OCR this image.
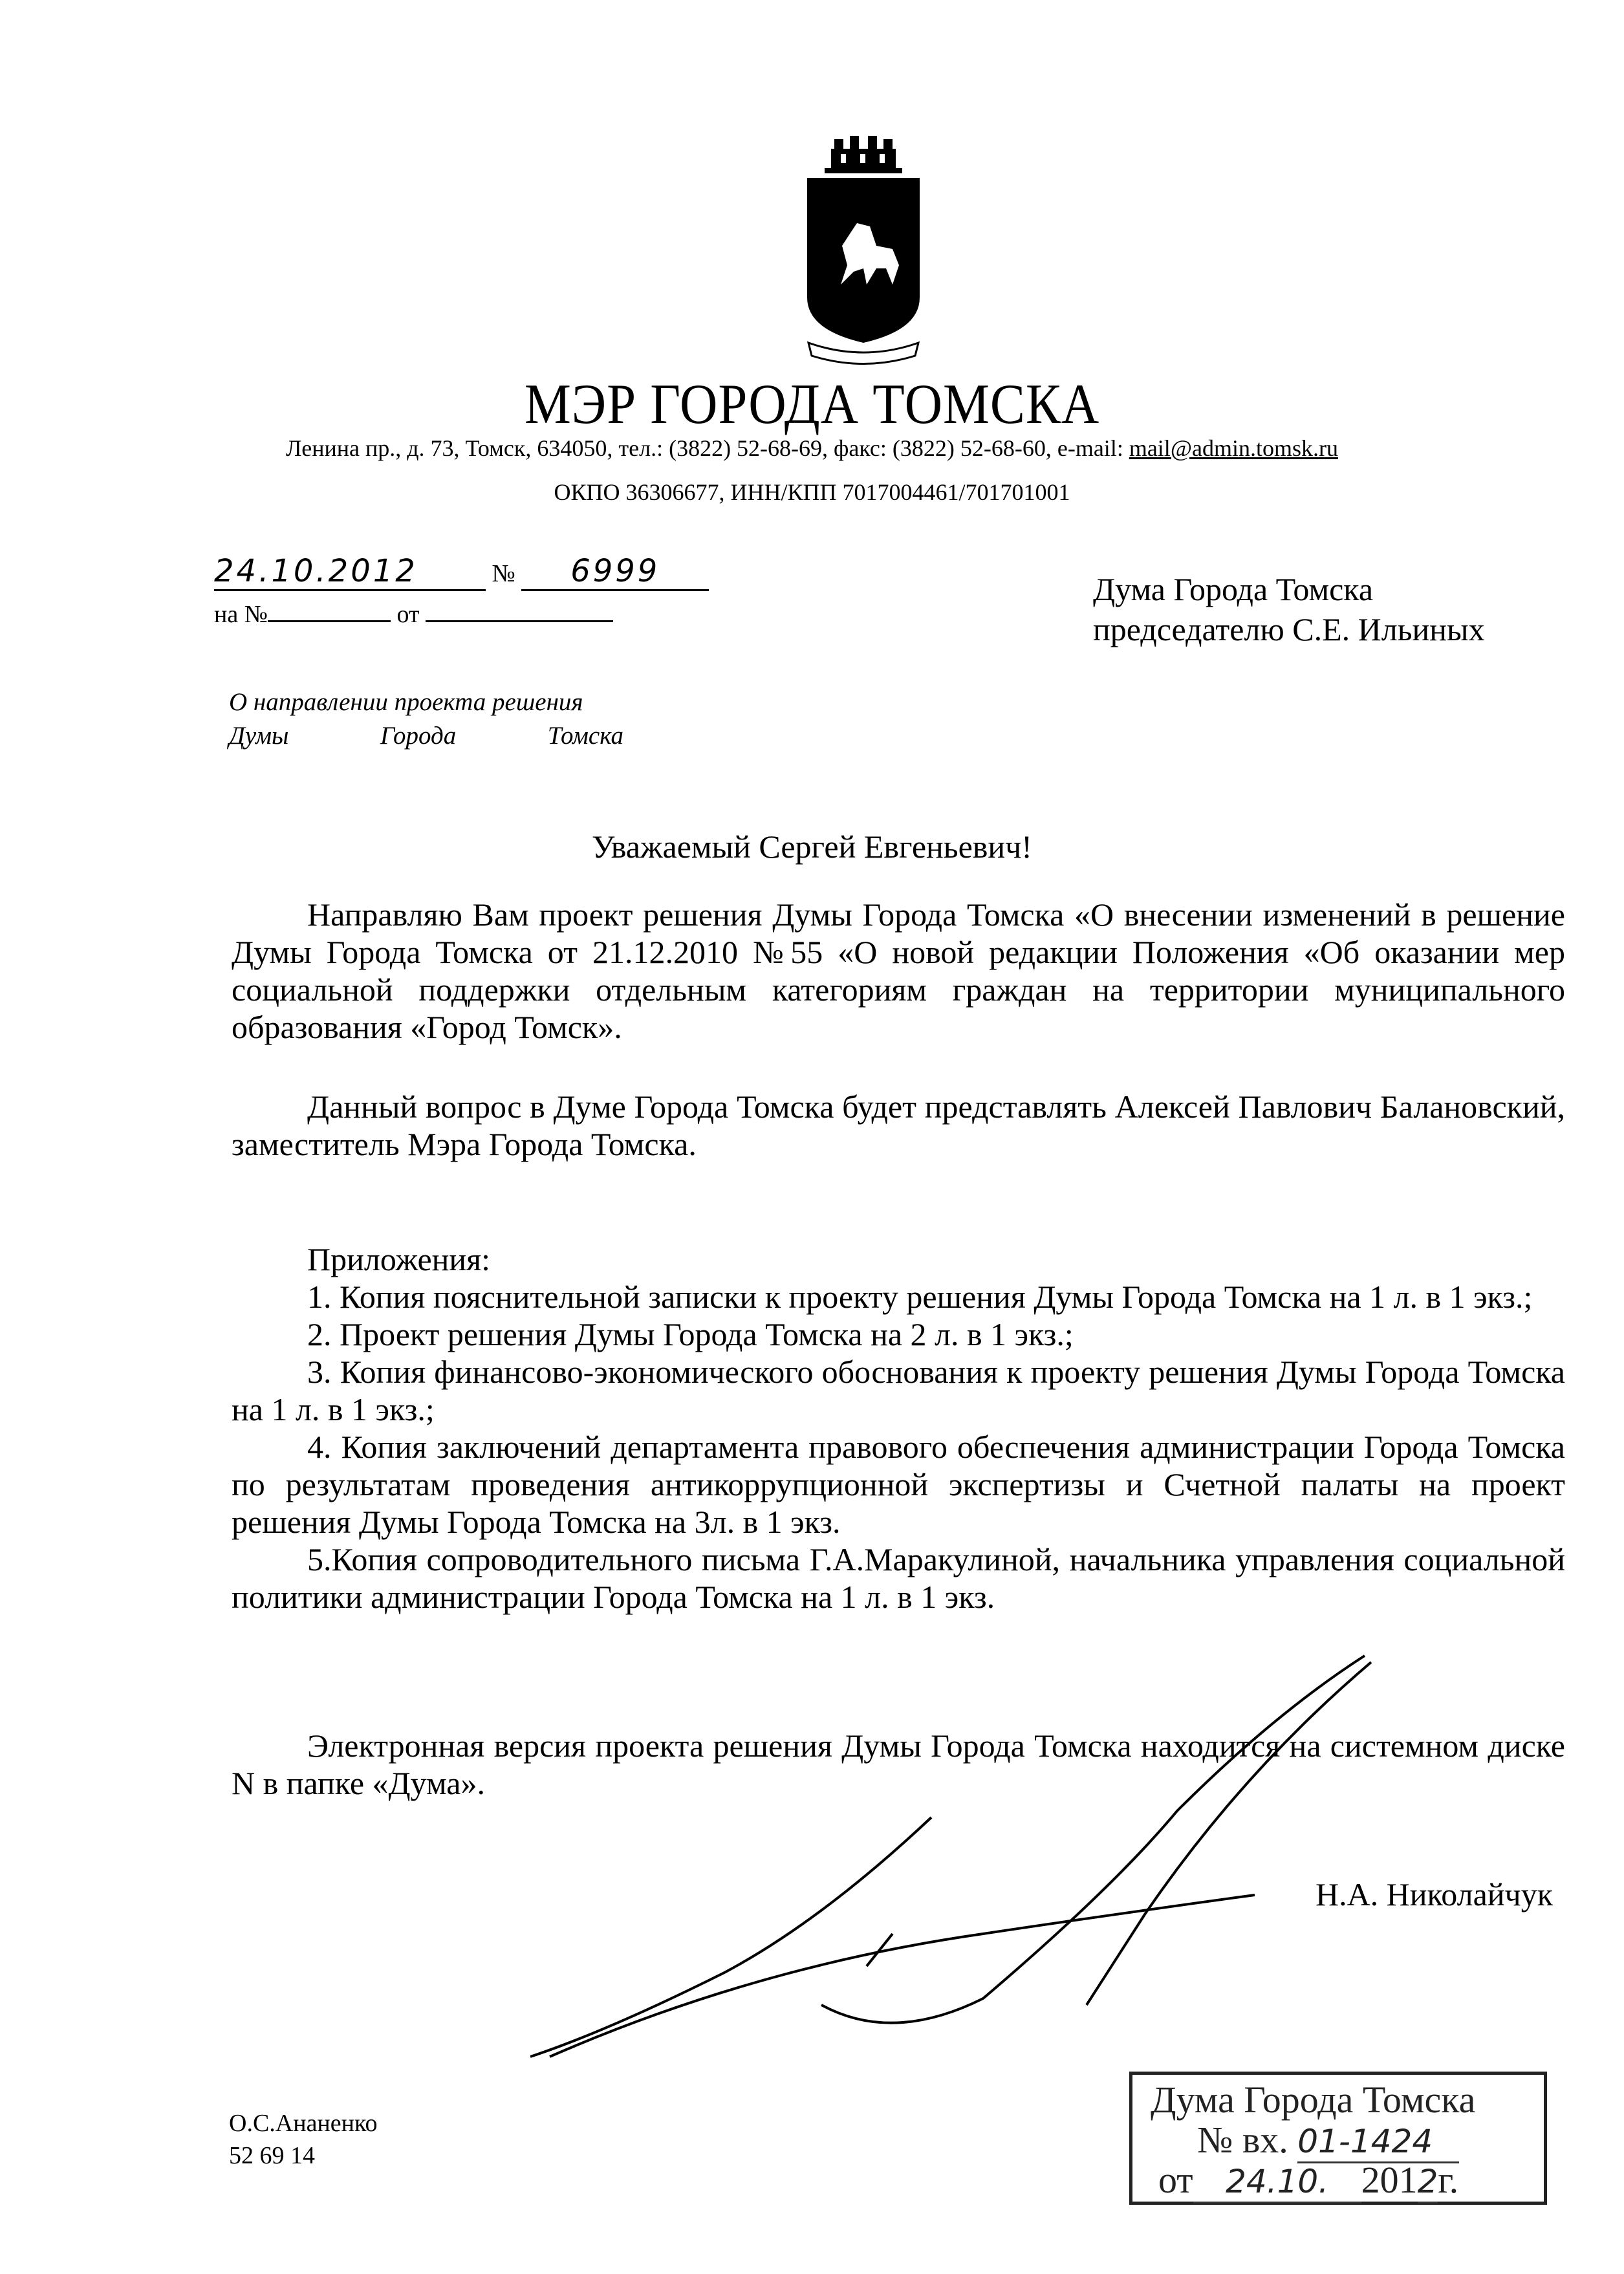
МЭР ГОРОДА ТОМСКА
Ленина пр., д. 73, Томск, 634050, тел.: (3822) 52-68-69, факс: (3822) 52-68-60, e-mail: mail@admin.tomsk.ru
ОКПО 36306677, ИНН/КПП 7017004461/701701001
24.10.2012	№ 6999
на №	от
Дума Города Томска
председателю С.Е. Ильиных
О направлении проекта решения
Думы	Города	Томска
Уважаемый Сергей Евгеньевич!

Направляю Вам проект решения Думы Города Томска «О внесении изменений в решение Думы Города Томска от 21.12.2010 №55 «О новой редакции Положения «Об оказании мер социальной поддержки отдельным категориям граждан на территории муниципального образования «Город Томск».

Данный вопрос в Думе Города Томска будет представлять Алексей Павлович Балановский, заместитель Мэра Города Томска.

Приложения:

1. Копия пояснительной записки к проекту решения Думы Города Томска на 1 л. в 1 экз.;

2. Проект решения Думы Города Томска на 2 л. в 1 экз.;

3. Копия финансово-экономического обоснования к проекту решения Думы Города Томска на 1 л. в 1 экз.;

4. Копия заключений департамента правового обеспечения администрации Города Томска по результатам проведения антикоррупционной экспертизы и Счетной палаты на проект решения Думы Города Томска на 3л. в 1 экз.

5.Копия сопроводительного письма Г.А.Маракулиной, начальника управления социальной политики администрации Города Томска на 1 л. в 1 экз.

Электронная версия проекта решения Думы Города Томска находится на системном диске N в папке «Дума».

Н.А. Николайчук
О.С.Ананенко
52 69 14
Дума Города Томска
№ вх. 01-1424
от 24.10. 2012г.
